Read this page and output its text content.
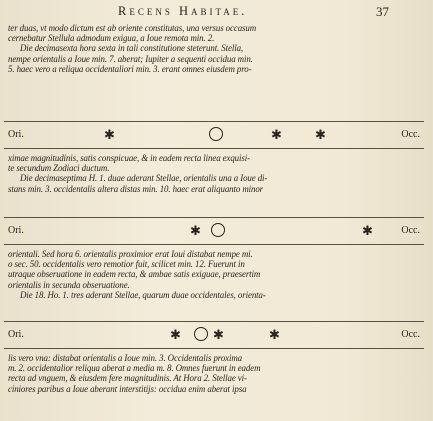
Recens Habitae.	37
ter duas, vt modo dictum est ab oriente constitutas, una versus occasum
cernebatur Stellula admodum exigua, a Ioue remota min. 2.
Die decimasexta hora sexta in tali constitutione steterunt. Stella,
nempe orientalis a Ioue min. 7. aberat; Iupiter a sequenti occidua min.
5. haec vero a reliqua occidentaliori min. 3. erant omnes eiusdem pro-
Ori.	✱	✱	✱	Occ.
ximae magnitudinis, satis conspicuae, & in eadem recta linea exquisi-
te secundum Zodiaci ductum.
Die decimaseptima H. 1. duae aderant Stellae, orientalis una a Ioue di-
stans min. 3. occidentalis altera distas min. 10. haec erat aliquanto minor
Ori.	✱	✱	Occ.
orientali. Sed hora 6. orientalis proximior erat Ioui distabat nempe mi.
o sec. 50. occidentalis vero remotior fuit, scilicet min. 12. Fuerunt in
utraque obseruatione in eadem recta, & ambae satis exiguae, praesertim
orientalis in secunda obseruatione.
Die 18. Ho. 1. tres aderant Stellae, quarum duae occidentales, orienta-
Ori.	✱ ✱	✱	Occ.
lis vero vna: distabat orientalis a Ioue min. 3. Occidentalis proxima
m. 2. occidentalior reliqua aberat a media m. 8. Omnes fuerunt in eadem
recta ad vnguem, & eiusdem fere magnitudinis. At Hora 2. Stellae vi-
ciniores paribus a Ioue aberant interstitijs: occidua enim aberat ipsa
